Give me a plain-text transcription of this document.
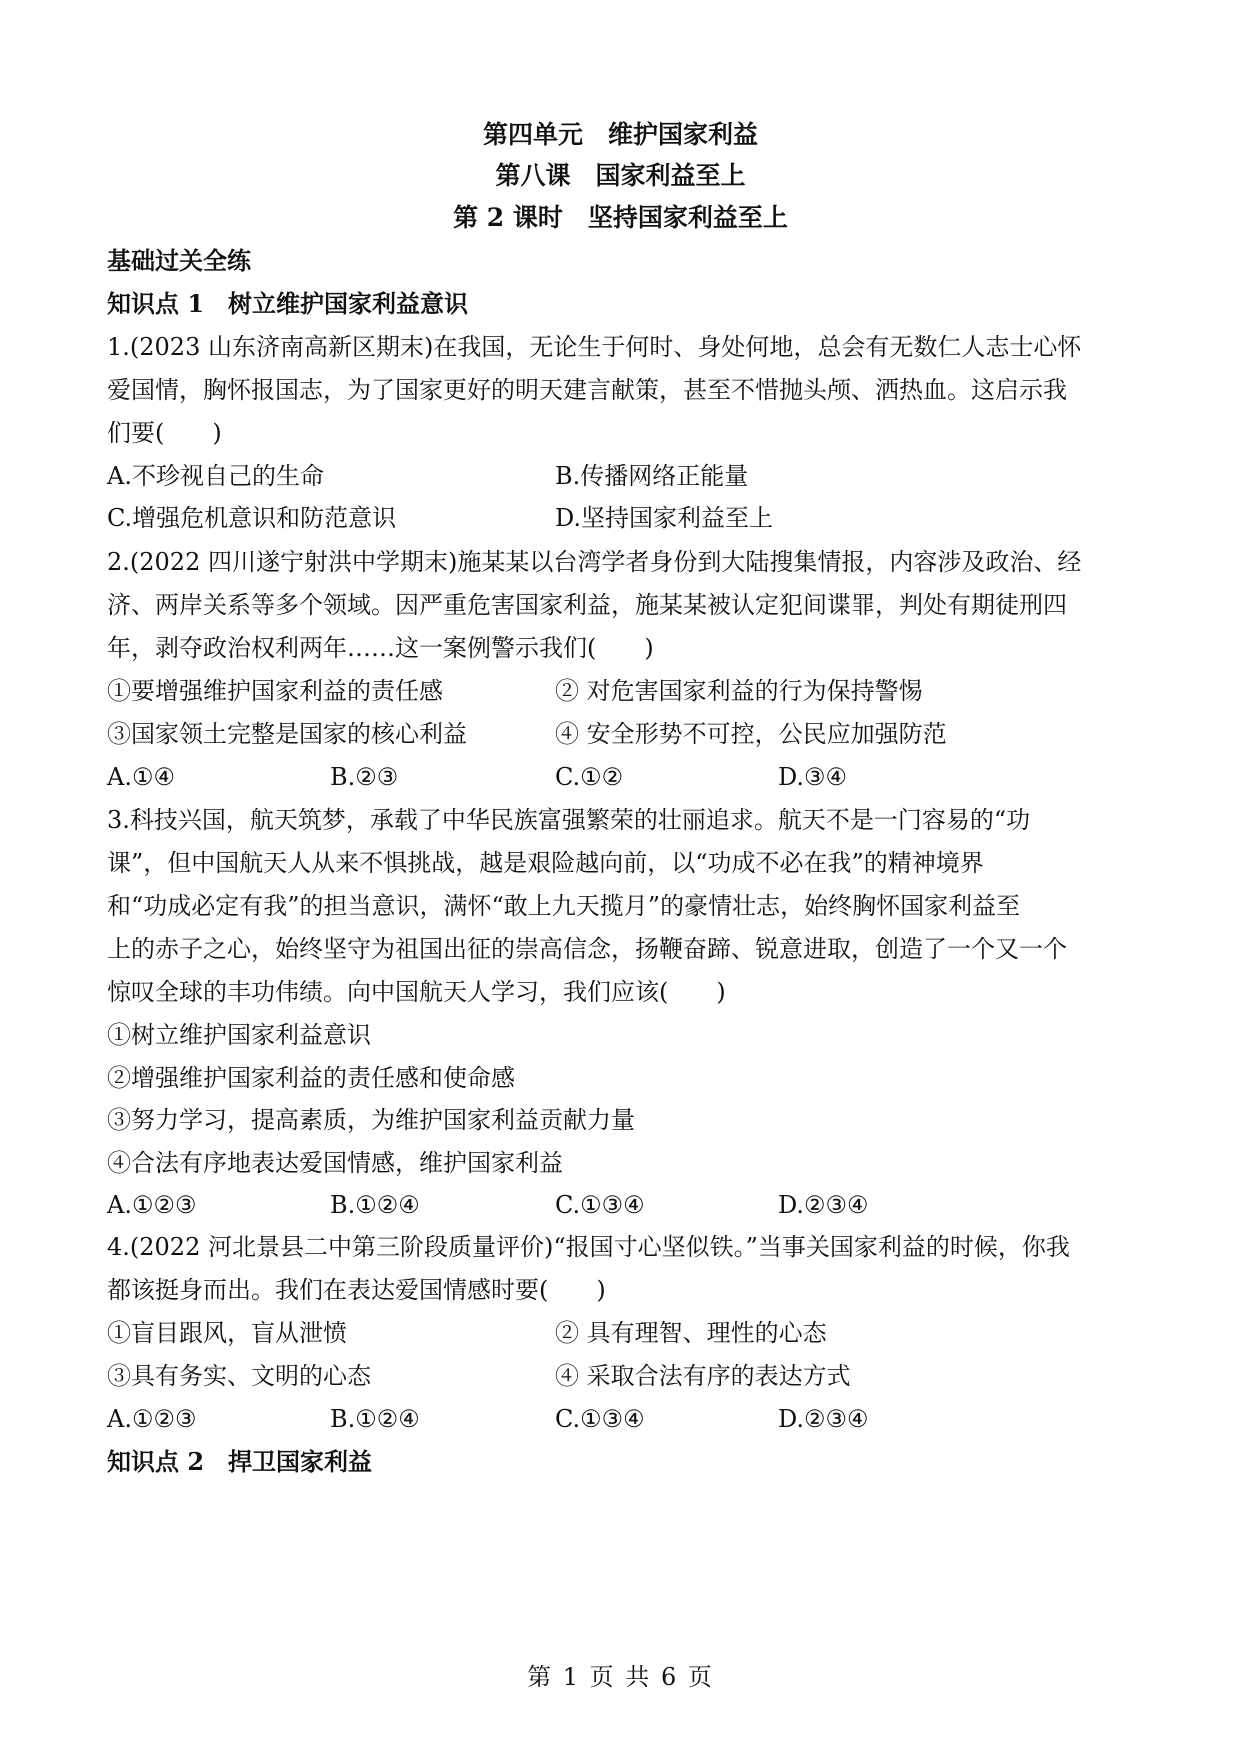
第四单元　维护国家利益
第八课　国家利益至上
第 2 课时　坚持国家利益至上
基础过关全练
知识点 1　树立维护国家利益意识
1.(2023 山东济南高新区期末)在我国，无论生于何时、身处何地，总会有无数仁人志士心怀
爱国情，胸怀报国志，为了国家更好的明天建言献策，甚至不惜抛头颅、洒热血。这启示我
们要(　　)
A.不珍视自己的生命	B.传播网络正能量
C.增强危机意识和防范意识	D.坚持国家利益至上
2.(2022 四川遂宁射洪中学期末)施某某以台湾学者身份到大陆搜集情报，内容涉及政治、经
济、两岸关系等多个领域。因严重危害国家利益，施某某被认定犯间谍罪，判处有期徒刑四
年，剥夺政治权利两年……这一案例警示我们(　　)
①要增强维护国家利益的责任感	② 对危害国家利益的行为保持警惕
③国家领土完整是国家的核心利益	④ 安全形势不可控，公民应加强防范
A.①④	B.②③	C.①②	D.③④
3.科技兴国，航天筑梦，承载了中华民族富强繁荣的壮丽追求。航天不是一门容易的“功
课”，但中国航天人从来不惧挑战，越是艰险越向前，以“功成不必在我”的精神境界
和“功成必定有我”的担当意识，满怀“敢上九天揽月”的豪情壮志，始终胸怀国家利益至
上的赤子之心，始终坚守为祖国出征的崇高信念，扬鞭奋蹄、锐意进取，创造了一个又一个
惊叹全球的丰功伟绩。向中国航天人学习，我们应该(　　)
①树立维护国家利益意识
②增强维护国家利益的责任感和使命感
③努力学习，提高素质，为维护国家利益贡献力量
④合法有序地表达爱国情感，维护国家利益
A.①②③	B.①②④	C.①③④	D.②③④
4.(2022 河北景县二中第三阶段质量评价)“报国寸心坚似铁。”当事关国家利益的时候，你我
都该挺身而出。我们在表达爱国情感时要(　　)
①盲目跟风，盲从泄愤	② 具有理智、理性的心态
③具有务实、文明的心态	④ 采取合法有序的表达方式
A.①②③	B.①②④	C.①③④	D.②③④
知识点 2　捍卫国家利益
第 1 页 共 6 页
